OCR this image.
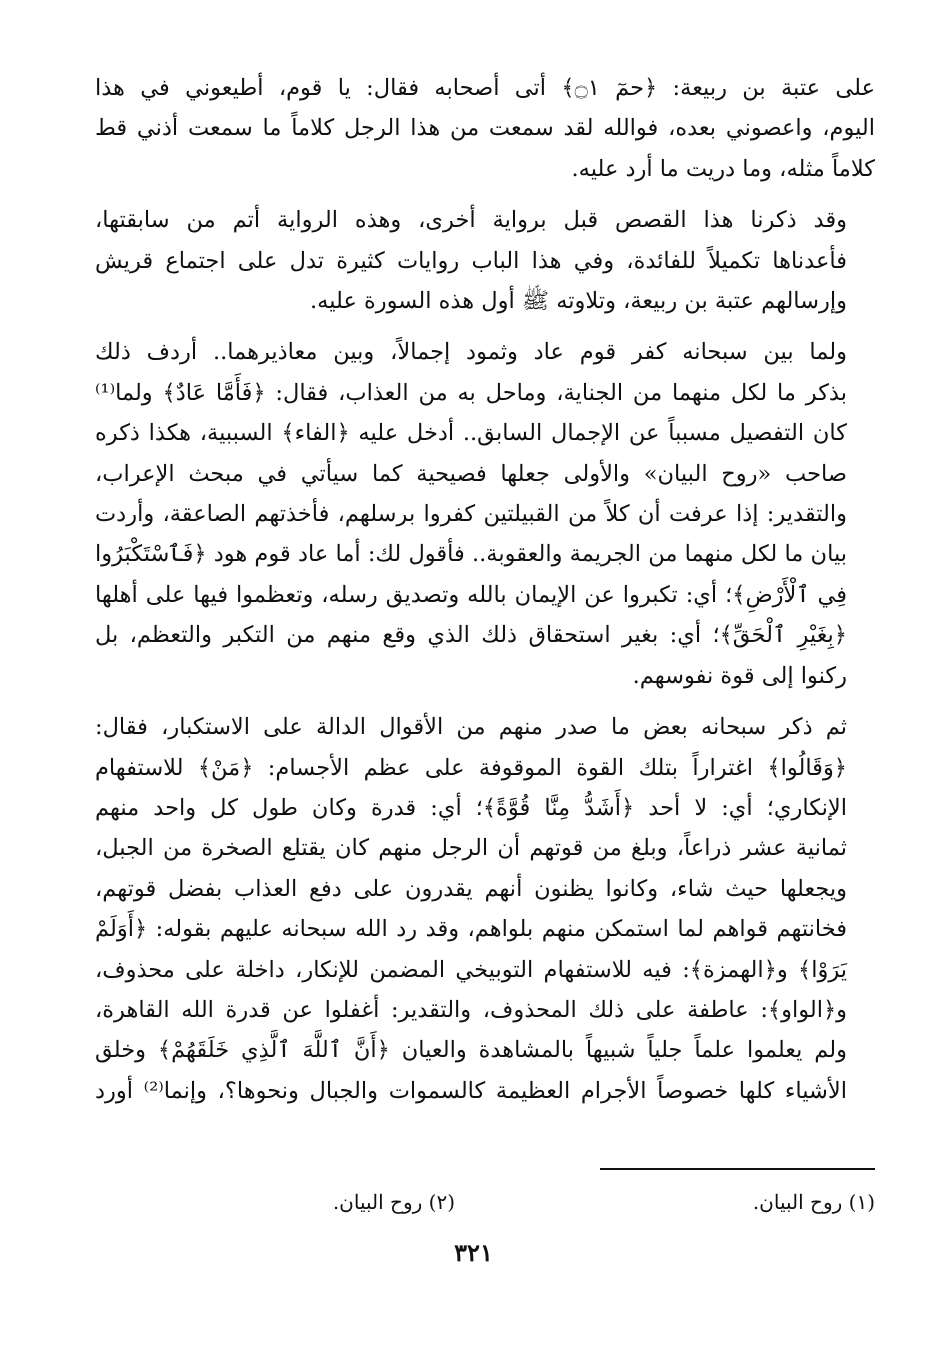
على عتبة بن ربيعة: ﴿حمٓ ۝١﴾ أتى أصحابه فقال: يا قوم، أطيعوني في هذا
اليوم، واعصوني بعده، فوالله لقد سمعت من هذا الرجل كلاماً ما سمعت أذني قط
كلاماً مثله، وما دريت ما أرد عليه.

وقد ذكرنا هذا القصص قبل برواية أخرى، وهذه الرواية أتم من سابقتها،
فأعدناها تكميلاً للفائدة، وفي هذا الباب روايات كثيرة تدل على اجتماع قريش
وإرسالهم عتبة بن ربيعة، وتلاوته ﷺ أول هذه السورة عليه.

ولما بين سبحانه كفر قوم عاد وثمود إجمالاً، وبين معاذيرهما.. أردف ذلك
بذكر ما لكل منهما من الجناية، وماحل به من العذاب، فقال: ﴿فَأَمَّا عَادٌ﴾ ولما⁽¹⁾
كان التفصيل مسبباً عن الإجمال السابق.. أدخل عليه ﴿الفاء﴾ السببية، هكذا ذكره
صاحب «روح البيان» والأولى جعلها فصيحية كما سيأتي في مبحث الإعراب،
والتقدير: إذا عرفت أن كلاً من القبيلتين كفروا برسلهم، فأخذتهم الصاعقة، وأردت
بيان ما لكل منهما من الجريمة والعقوبة.. فأقول لك: أما عاد قوم هود ﴿فَٱسْتَكْبَرُوا
فِي ٱلْأَرْضِ﴾؛ أي: تكبروا عن الإيمان بالله وتصديق رسله، وتعظموا فيها على أهلها
﴿بِغَيْرِ ٱلْحَقِّ﴾؛ أي: بغير استحقاق ذلك الذي وقع منهم من التكبر والتعظم، بل
ركنوا إلى قوة نفوسهم.

ثم ذكر سبحانه بعض ما صدر منهم من الأقوال الدالة على الاستكبار، فقال:
﴿وَقَالُوا﴾ اغتراراً بتلك القوة الموقوفة على عظم الأجسام: ﴿مَنْ﴾ للاستفهام
الإنكاري؛ أي: لا أحد ﴿أَشَدُّ مِنَّا قُوَّةً﴾؛ أي: قدرة وكان طول كل واحد منهم
ثمانية عشر ذراعاً، وبلغ من قوتهم أن الرجل منهم كان يقتلع الصخرة من الجبل،
ويجعلها حيث شاء، وكانوا يظنون أنهم يقدرون على دفع العذاب بفضل قوتهم،
فخانتهم قواهم لما استمكن منهم بلواهم، وقد رد الله سبحانه عليهم بقوله: ﴿أَوَلَمْ
يَرَوْا﴾ و﴿الهمزة﴾: فيه للاستفهام التوبيخي المضمن للإنكار، داخلة على محذوف،
و﴿الواو﴾: عاطفة على ذلك المحذوف، والتقدير: أغفلوا عن قدرة الله القاهرة،
ولم يعلموا علماً جلياً شبيهاً بالمشاهدة والعيان ﴿أَنَّ ٱللَّهَ ٱلَّذِي خَلَقَهُمْ﴾ وخلق
الأشياء كلها خصوصاً الأجرام العظيمة كالسموات والجبال ونحوها؟، وإنما⁽²⁾ أورد

(١) روح البيان.
(٢) روح البيان.
٣٢١
